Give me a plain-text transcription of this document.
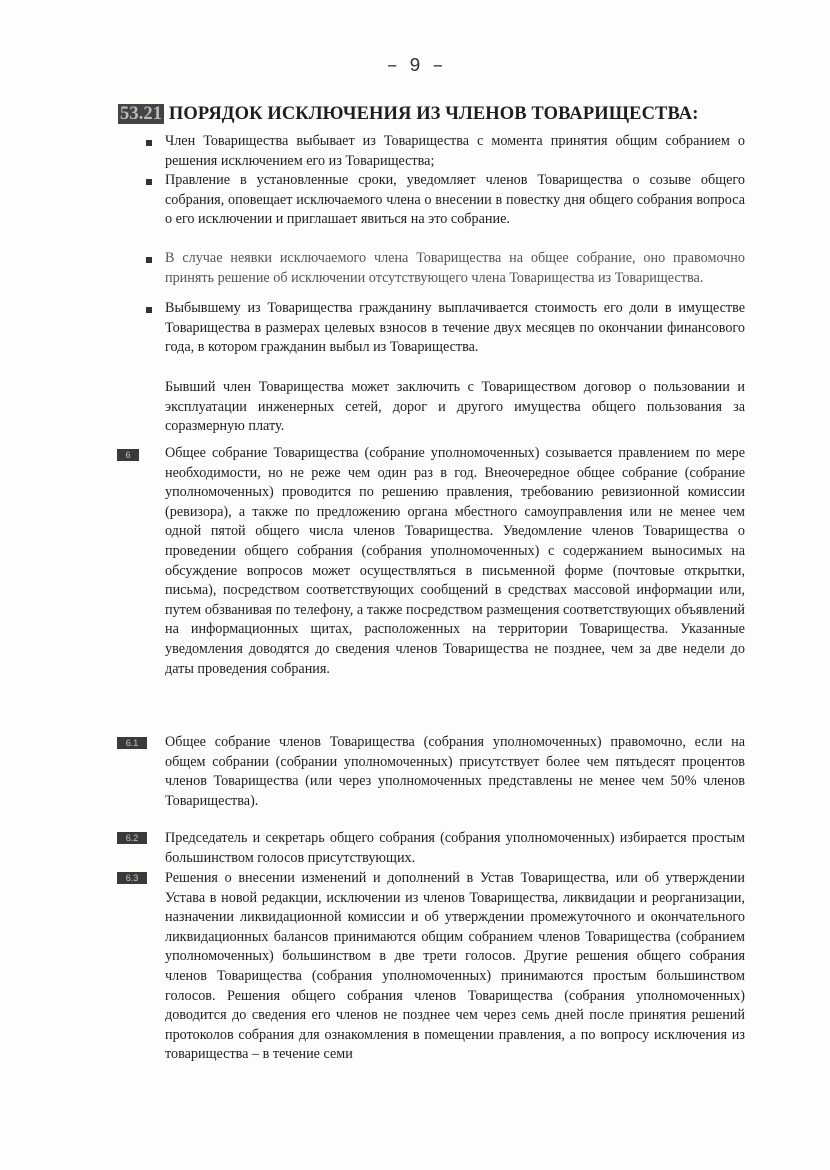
– 9 –
53.21 ПОРЯДОК ИСКЛЮЧЕНИЯ ИЗ ЧЛЕНОВ ТОВАРИЩЕСТВА:
Член Товарищества выбывает из Товарищества с момента принятия общим собранием о решения исключением его из Товарищества;
Правление в установленные сроки, уведомляет членов Товарищества о созыве общего собрания, оповещает исключаемого члена о внесении в повестку дня общего собрания вопроса о его исключении и приглашает явиться на это собрание.
В случае неявки исключаемого члена Товарищества на общее собрание, оно правомочно принять решение об исключении отсутствующего члена Товарищества из Товарищества.
Выбывшему из Товарищества гражданину выплачивается стоимость его доли в имуществе Товарищества в размерах целевых взносов в течение двух месяцев по окончании финансового года, в котором гражданин выбыл из Товарищества.
Бывший член Товарищества может заключить с Товариществом договор о пользовании и эксплуатации инженерных сетей, дорог и другого имущества общего пользования за соразмерную плату.
6	Общее собрание Товарищества (собрание уполномоченных) созывается правлением по мере необходимости, но не реже чем один раз в год. Внеочередное общее собрание (собрание уполномоченных) проводится по решению правления, требованию ревизионной комиссии (ревизора), а также по предложению органа мбестного самоуправления или не менее чем одной пятой общего числа членов Товарищества. Уведомление членов Товарищества о проведении общего собрания (собрания уполномоченных) с содержанием выносимых на обсуждение вопросов может осуществляться в письменной форме (почтовые открытки, письма), посредством соответствующих сообщений в средствах массовой информации или, путем обзванивая по телефону, а также посредством размещения соответствующих объявлений на информационных щитах, расположенных на территории Товарищества. Указанные уведомления доводятся до сведения членов Товарищества не позднее, чем за две недели до даты проведения собрания.
6.1	Общее собрание членов Товарищества (собрания уполномоченных) правомочно, если на общем собрании (собрании уполномоченных) присутствует более чем пятьдесят процентов членов Товарищества (или через уполномоченных представлены не менее чем 50% членов Товарищества).
6.2	Председатель и секретарь общего собрания (собрания уполномоченных) избирается простым большинством голосов присутствующих.
6.3	Решения о внесении изменений и дополнений в Устав Товарищества, или об утверждении Устава в новой редакции, исключении из членов Товарищества, ликвидации и реорганизации, назначении ликвидационной комиссии и об утверждении промежуточного и окончательного ликвидационных балансов принимаются общим собранием членов Товарищества (собранием уполномоченных) большинством в две трети голосов. Другие решения общего собрания членов Товарищества (собрания уполномоченных) принимаются простым большинством голосов. Решения общего собрания членов Товарищества (собрания уполномоченных) доводится до сведения его членов не позднее чем через семь дней после принятия решений протоколов собрания для ознакомления в помещении правления, а по вопросу исключения из товарищества – в течение семи
